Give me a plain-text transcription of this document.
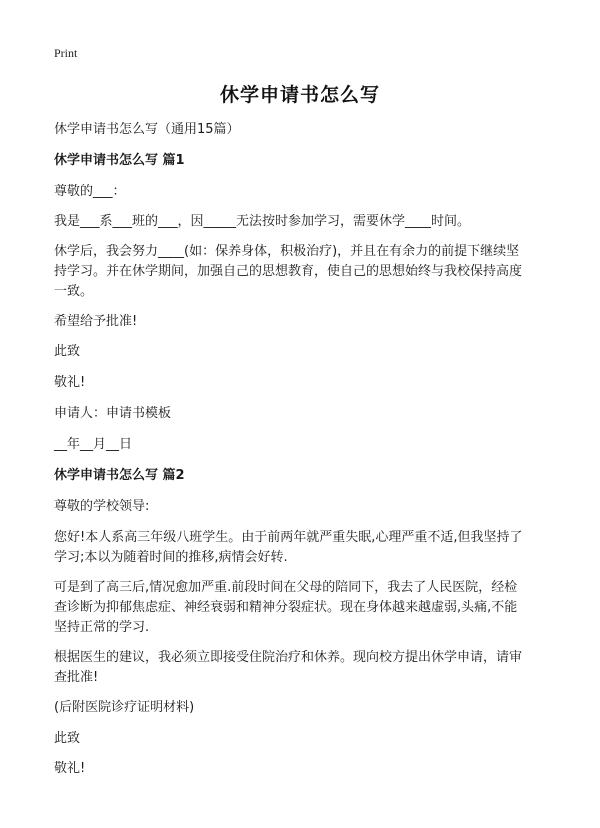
Print
休学申请书怎么写
休学申请书怎么写（通用15篇）
休学申请书怎么写 篇1
尊敬的___：
我是___系___班的___，因_____无法按时参加学习，需要休学____时间。
休学后，我会努力____(如：保养身体，积极治疗)，并且在有余力的前提下继续坚
持学习。并在休学期间，加强自己的思想教育，使自己的思想始终与我校保持高度
一致。
希望给予批准!
此致
敬礼!
申请人：申请书模板
__年__月__日
休学申请书怎么写 篇2
尊敬的学校领导:
您好!本人系高三年级八班学生。由于前两年就严重失眠,心理严重不适,但我坚持了
学习;本以为随着时间的推移,病情会好转.
可是到了高三后,情况愈加严重.前段时间在父母的陪同下，我去了人民医院，经检
查诊断为抑郁焦虑症、神经衰弱和精神分裂症状。现在身体越来越虚弱,头痛,不能
坚持正常的学习.
根据医生的建议，我必须立即接受住院治疗和休养。现向校方提出休学申请，请审
查批准!
(后附医院诊疗证明材料)
此致
敬礼!
